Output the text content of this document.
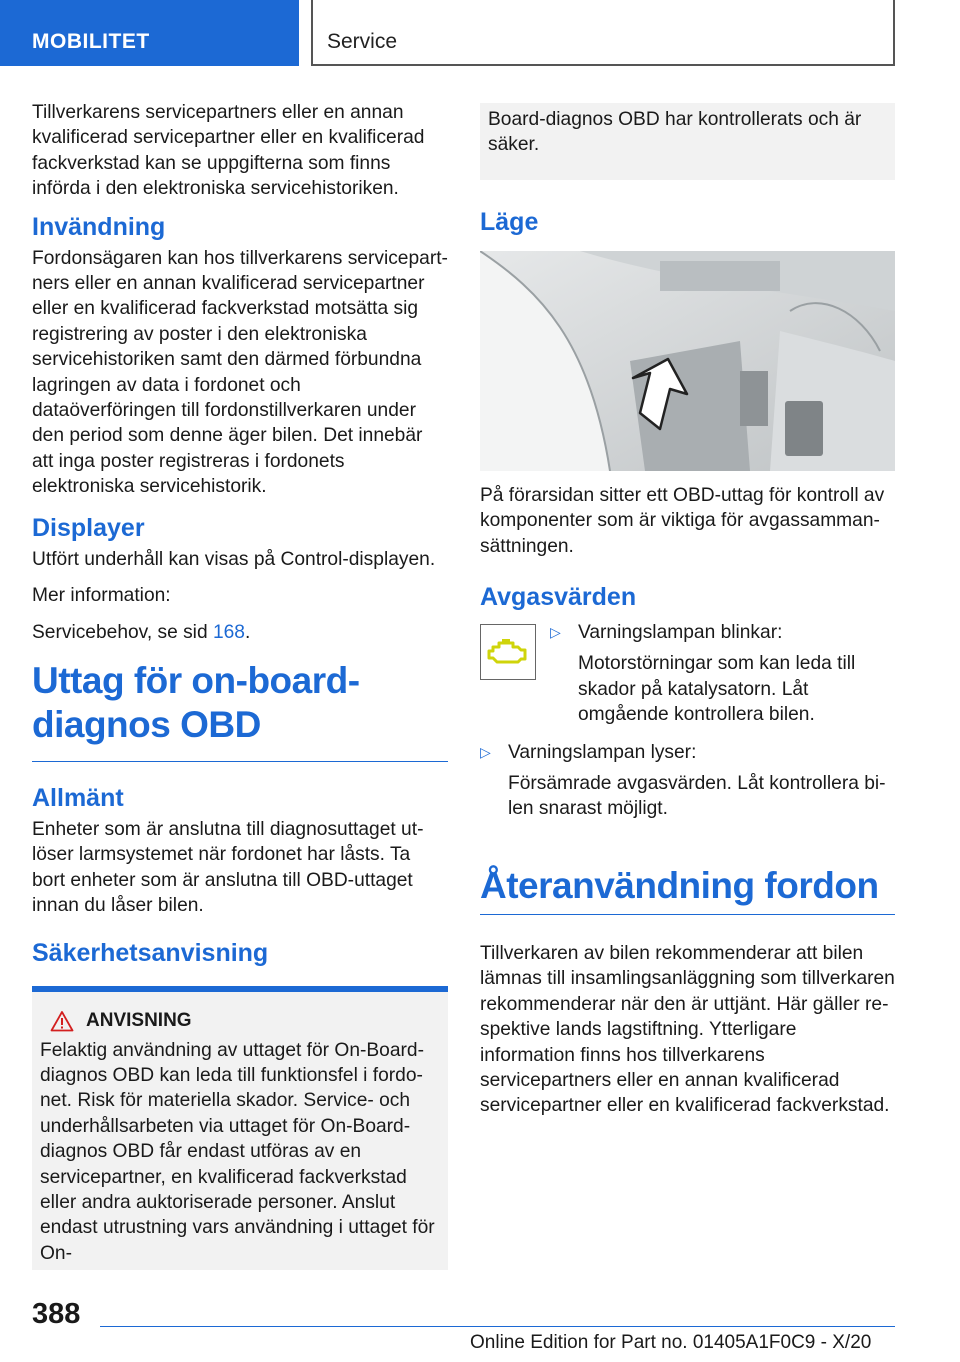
MOBILITET	Service

Tillverkarens servicepartners eller en annan kvalificerad servicepartner eller en kvalificerad fackverkstad kan se uppgifterna som finns införda i den elektroniska servicehistoriken.

Invändning

Fordonsägaren kan hos tillverkarens servicepartners eller en annan kvalificerad servicepartner eller en kvalificerad fackverkstad motsätta sig registrering av poster i den elektroniska servicehistoriken samt den därmed förbundna lagringen av data i fordonet och dataöverföringen till fordonstillverkaren under den period som denne äger bilen. Det innebär att inga poster registreras i fordonets elektroniska servicehistorik.

Displayer

Utfört underhåll kan visas på Control-displayen.

Mer information:

Servicebehov, se sid 168.

Uttag för on-board-diagnos OBD
Allmänt

Enheter som är anslutna till diagnosuttaget utlöser larmsystemet när fordonet har låsts. Ta bort enheter som är anslutna till OBD-uttaget innan du låser bilen.

Säkerhetsanvisning
ANVISNING

Felaktig användning av uttaget för On-Board-diagnos OBD kan leda till funktionsfel i fordonet. Risk för materiella skador. Service- och underhållsarbeten via uttaget för On-Board-diagnos OBD får endast utföras av en servicepartner, en kvalificerad fackverkstad eller andra auktoriserade personer. Anslut endast utrustning vars användning i uttaget för On-

Board-diagnos OBD har kontrollerats och är säker.

Läge

På förarsidan sitter ett OBD-uttag för kontroll av komponenter som är viktiga för avgassammansättningen.

Avgasvärden
▷ Varningslampan blinkar:

Motorstörningar som kan leda till skador på katalysatorn. Låt omgående kontrollera bilen.

▷ Varningslampan lyser:

Försämrade avgasvärden. Låt kontrollera bilen snarast möjligt.

Återanvändning fordon

Tillverkaren av bilen rekommenderar att bilen lämnas till insamlingsanläggning som tillverkaren rekommenderar när den är uttjänt. Här gäller respektive lands lagstiftning. Ytterligare information finns hos tillverkarens servicepartners eller en annan kvalificerad servicepartner eller en kvalificerad fackverkstad.

388
Online Edition for Part no. 01405A1F0C9 - X/20
